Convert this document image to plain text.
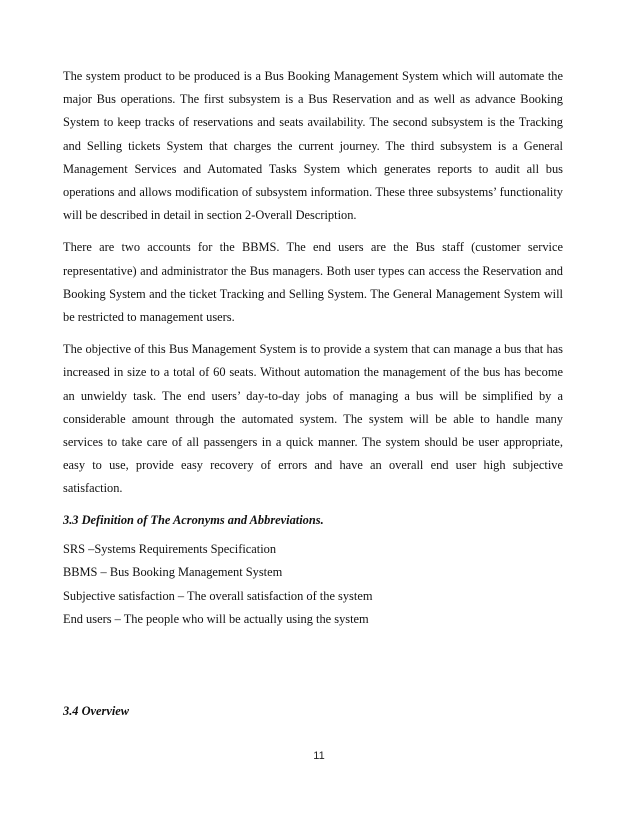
The system product to be produced is a Bus Booking Management System which will automate the major Bus operations. The first subsystem is a Bus Reservation and as well as advance Booking System to keep tracks of reservations and seats availability. The second subsystem is the Tracking and Selling tickets System that charges the current journey. The third subsystem is a General Management Services and Automated Tasks System which generates reports to audit all bus operations and allows modification of subsystem information. These three subsystems’ functionality will be described in detail in section 2-Overall Description.

There are two accounts for the BBMS. The end users are the Bus staff (customer service representative) and administrator the Bus managers. Both user types can access the Reservation and Booking System and the ticket Tracking and Selling System. The General Management System will be restricted to management users.

The objective of this Bus Management System is to provide a system that can manage a bus that has increased in size to a total of 60 seats. Without automation the management of the bus has become an unwieldy task. The end users’ day-to-day jobs of managing a bus will be simplified by a considerable amount through the automated system. The system will be able to handle many services to take care of all passengers in a quick manner. The system should be user appropriate, easy to use, provide easy recovery of errors and have an overall end user high subjective satisfaction.

3.3 Definition of The Acronyms and Abbreviations.
SRS –Systems Requirements Specification
BBMS – Bus Booking Management System
Subjective satisfaction – The overall satisfaction of the system
End users – The people who will be actually using the system
3.4 Overview
11
